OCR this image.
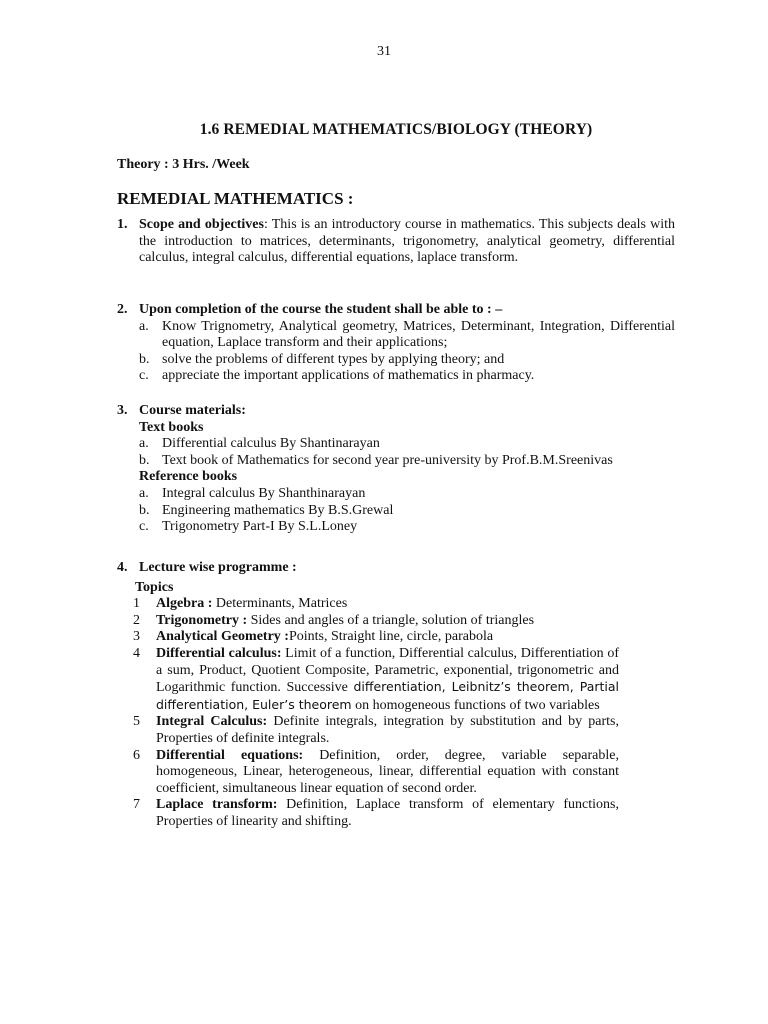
31
1.6 REMEDIAL MATHEMATICS/BIOLOGY (THEORY)
Theory : 3 Hrs. /Week
REMEDIAL MATHEMATICS :
1. Scope and objectives: This is an introductory course in mathematics. This subjects deals with the introduction to matrices, determinants, trigonometry, analytical geometry, differential calculus, integral calculus, differential equations, laplace transform.
2. Upon completion of the course the student shall be able to : –
a. Know Trignometry, Analytical geometry, Matrices, Determinant, Integration, Differential equation, Laplace transform and their applications;
b. solve the problems of different types by applying theory; and
c. appreciate the important applications of mathematics in pharmacy.
3. Course materials:
Text books
a. Differential calculus By Shantinarayan
b. Text book of Mathematics for second year pre-university by Prof.B.M.Sreenivas
Reference books
a. Integral calculus By Shanthinarayan
b. Engineering mathematics By B.S.Grewal
c. Trigonometry Part-I By S.L.Loney
4. Lecture wise programme :
Topics
1	Algebra : Determinants, Matrices
2	Trigonometry : Sides and angles of a triangle, solution of triangles
3	Analytical Geometry :Points, Straight line, circle, parabola
4	Differential calculus: Limit of a function, Differential calculus, Differentiation of a sum, Product, Quotient Composite, Parametric, exponential, trigonometric and Logarithmic function. Successive differentiation, Leibnitz’s theorem, Partial differentiation, Euler’s theorem on homogeneous functions of two variables
5	Integral Calculus: Definite integrals, integration by substitution and by parts, Properties of definite integrals.
6	Differential equations: Definition, order, degree, variable separable, homogeneous, Linear, heterogeneous, linear, differential equation with constant coefficient, simultaneous linear equation of second order.
7	Laplace transform: Definition, Laplace transform of elementary functions, Properties of linearity and shifting.
